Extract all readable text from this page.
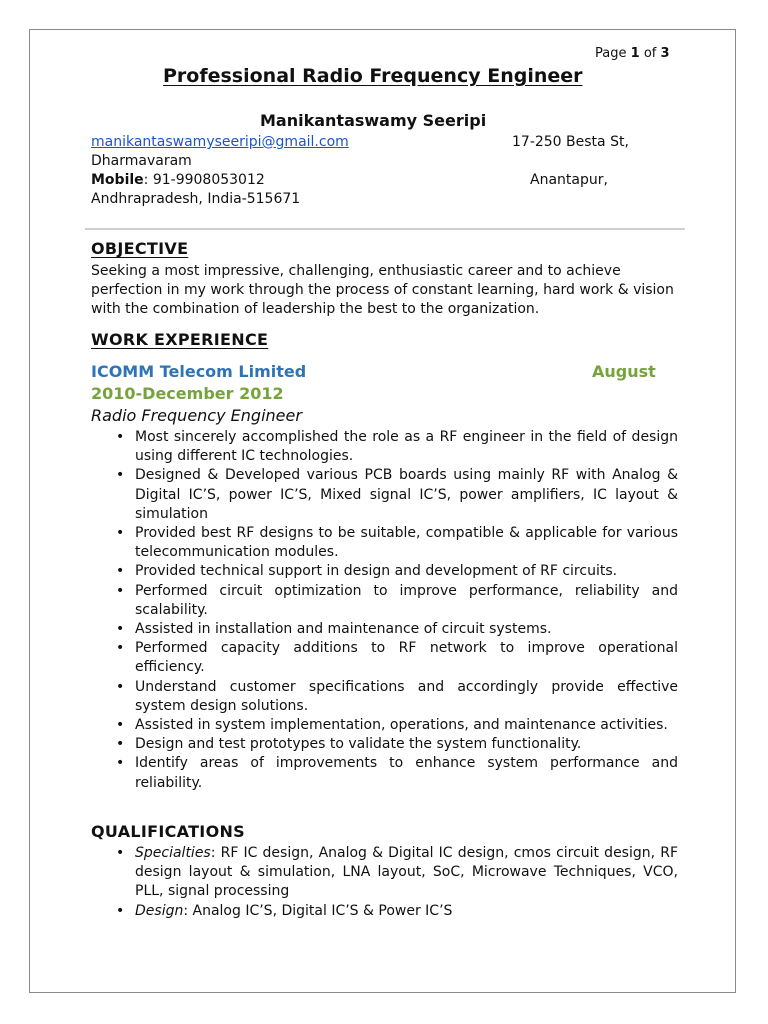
Page 1 of 3
Professional Radio Frequency Engineer
Manikantaswamy Seeripi
manikantaswamyseeripi@gmail.com	17-250 Besta St,
Dharmavaram
Mobile: 91-9908053012	Anantapur,
Andhrapradesh, India-515671
OBJECTIVE
Seeking a most impressive, challenging, enthusiastic career and to achieve perfection in my work through the process of constant learning, hard work & vision with the combination of leadership the best to the organization.
WORK EXPERIENCE
ICOMM Telecom Limited	August
2010-December 2012
Radio Frequency Engineer
• Most sincerely accomplished the role as a RF engineer in the field of design using different IC technologies.
• Designed & Developed various PCB boards using mainly RF with Analog & Digital IC’S, power IC’S, Mixed signal IC’S, power amplifiers, IC layout & simulation
• Provided best RF designs to be suitable, compatible & applicable for various telecommunication modules.
• Provided technical support in design and development of RF circuits.
• Performed circuit optimization to improve performance, reliability and scalability.
• Assisted in installation and maintenance of circuit systems.
• Performed capacity additions to RF network to improve operational efficiency.
• Understand customer specifications and accordingly provide effective system design solutions.
• Assisted in system implementation, operations, and maintenance activities.
• Design and test prototypes to validate the system functionality.
• Identify areas of improvements to enhance system performance and reliability.
QUALIFICATIONS
• Specialties: RF IC design, Analog & Digital IC design, cmos circuit design, RF design layout & simulation, LNA layout, SoC, Microwave Techniques, VCO, PLL, signal processing
• Design: Analog IC’S, Digital IC’S & Power IC’S
